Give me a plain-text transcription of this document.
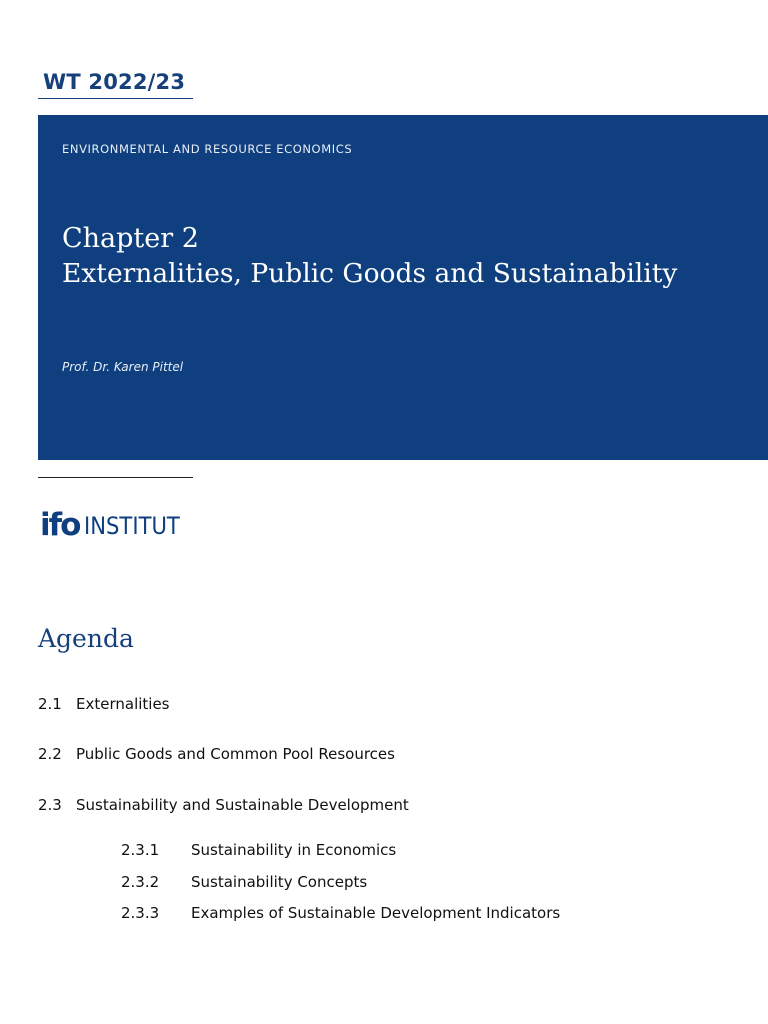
WT 2022/23
ENVIRONMENTAL AND RESOURCE ECONOMICS
Chapter 2
Externalities, Public Goods and Sustainability
Prof. Dr. Karen Pittel
ifo INSTITUT
Agenda
2.1 Externalities
2.2 Public Goods and Common Pool Resources
2.3 Sustainability and Sustainable Development
2.3.1 Sustainability in Economics
2.3.2 Sustainability Concepts
2.3.3 Examples of Sustainable Development Indicators
